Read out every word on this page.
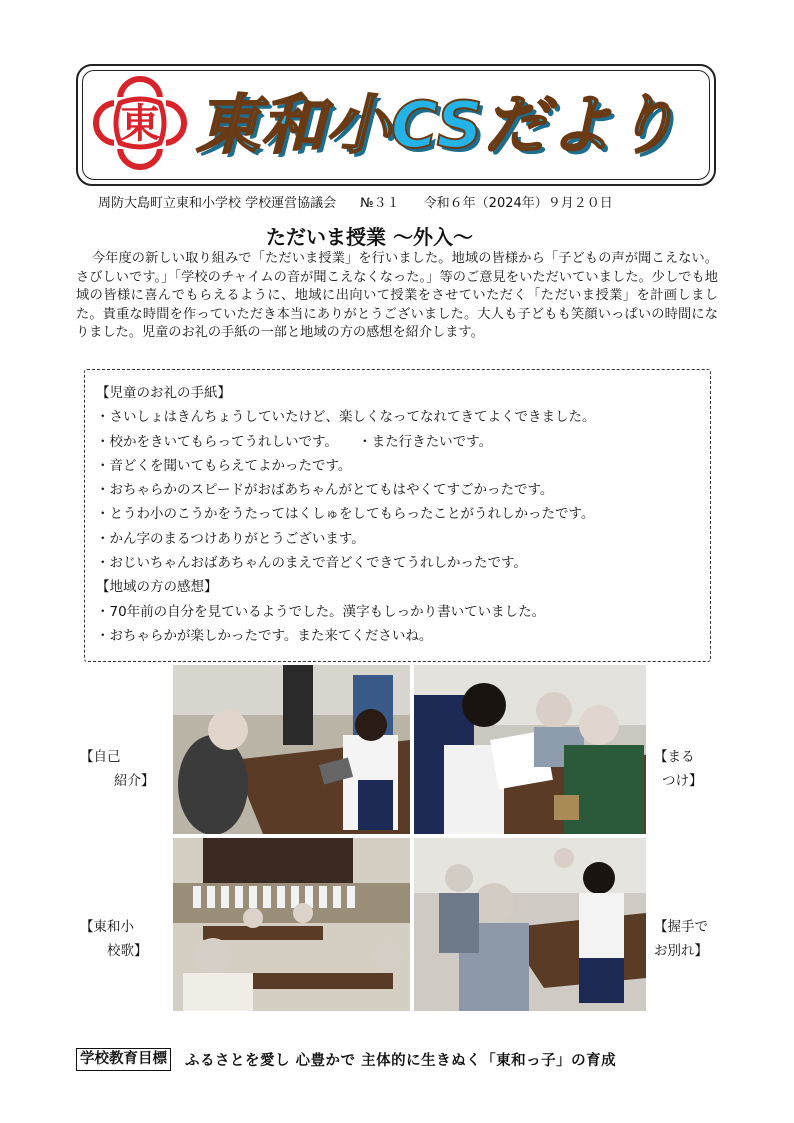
東 東和小CSだより
周防大島町立東和小学校 学校運営協議会 №３１ 令和６年（2024年）９月２０日
ただいま授業 〜外入〜

今年度の新しい取り組みで「ただいま授業」を行いました。地域の皆様から「子どもの声が聞こえない。さびしいです。」「学校のチャイムの音が聞こえなくなった。」等のご意見をいただいていました。少しでも地域の皆様に喜んでもらえるように、地域に出向いて授業をさせていただく「ただいま授業」を計画しました。貴重な時間を作っていただき本当にありがとうございました。大人も子どもも笑顔いっぱいの時間になりました。児童のお礼の手紙の一部と地域の方の感想を紹介します。

【児童のお礼の手紙】
・さいしょはきんちょうしていたけど、楽しくなってなれてきてよくできました。
・校かをきいてもらってうれしいです。　　・また行きたいです。
・音どくを聞いてもらえてよかったです。
・おちゃらかのスピードがおばあちゃんがとてもはやくてすごかったです。
・とうわ小のこうかをうたってはくしゅをしてもらったことがうれしかったです。
・かん字のまるつけありがとうございます。
・おじいちゃんおばあちゃんのまえで音どくできてうれしかったです。
【地域の方の感想】
・70年前の自分を見ているようでした。漢字もしっかり書いていました。
・おちゃらかが楽しかったです。また来てくださいね。
【自己
紹介】
【まる
つけ】
【東和小
校歌】
【握手で
お別れ】
学校教育目標 ふるさとを愛し 心豊かで 主体的に生きぬく「東和っ子」の育成
